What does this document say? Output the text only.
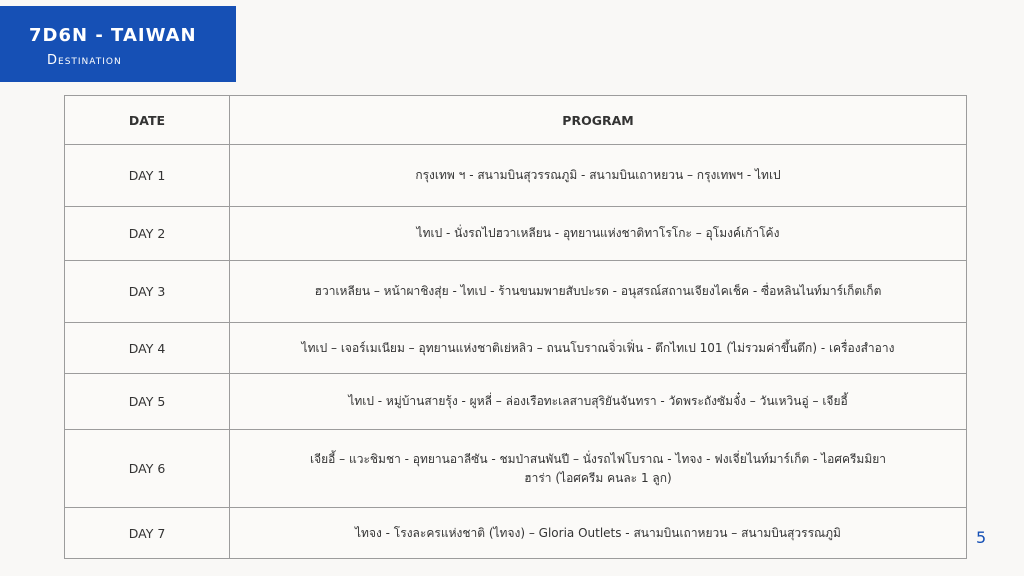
7D6N - TAIWAN
Destination
DATE	PROGRAM
DAY 1	กรุงเทพ ฯ - สนามบินสุวรรณภูมิ - สนามบินเถาหยวน – กรุงเทพฯ - ไทเป
DAY 2	ไทเป - นั่งรถไปฮวาเหลียน - อุทยานแห่งชาติทาโรโกะ – อุโมงค์เก้าโค้ง
DAY 3	ฮวาเหลียน – หน้าผาชิงสุ่ย - ไทเป - ร้านขนมพายสับปะรด - อนุสรณ์สถานเจียงไคเช็ค - ซื่อหลินไนท์มาร์เก็ตเก็ต
DAY 4	ไทเป – เจอร์เมเนียม – อุทยานแห่งชาติเย่หลิว – ถนนโบราณจิ่วเฟิ่น - ตึกไทเป 101 (ไม่รวมค่าขึ้นตึก) - เครื่องสำอาง
DAY 5	ไทเป - หมู่บ้านสายรุ้ง - ผูหลี่ – ล่องเรือทะเลสาบสุริยันจันทรา - วัดพระถังซัมจั๋ง – วันเหวินอู่ – เจียอี้
DAY 6	เจียอี้ – แวะชิมชา - อุทยานอาลีซัน - ชมป่าสนพันปี – นั่งรถไฟโบราณ - ไทจง - ฟงเจี่ยไนท์มาร์เก็ต - ไอศครีมมิยาฮาร่า (ไอศครีม คนละ 1 ลูก)
DAY 7	ไทจง - โรงละครแห่งชาติ (ไทจง) – Gloria Outlets - สนามบินเถาหยวน – สนามบินสุวรรณภูมิ	5
